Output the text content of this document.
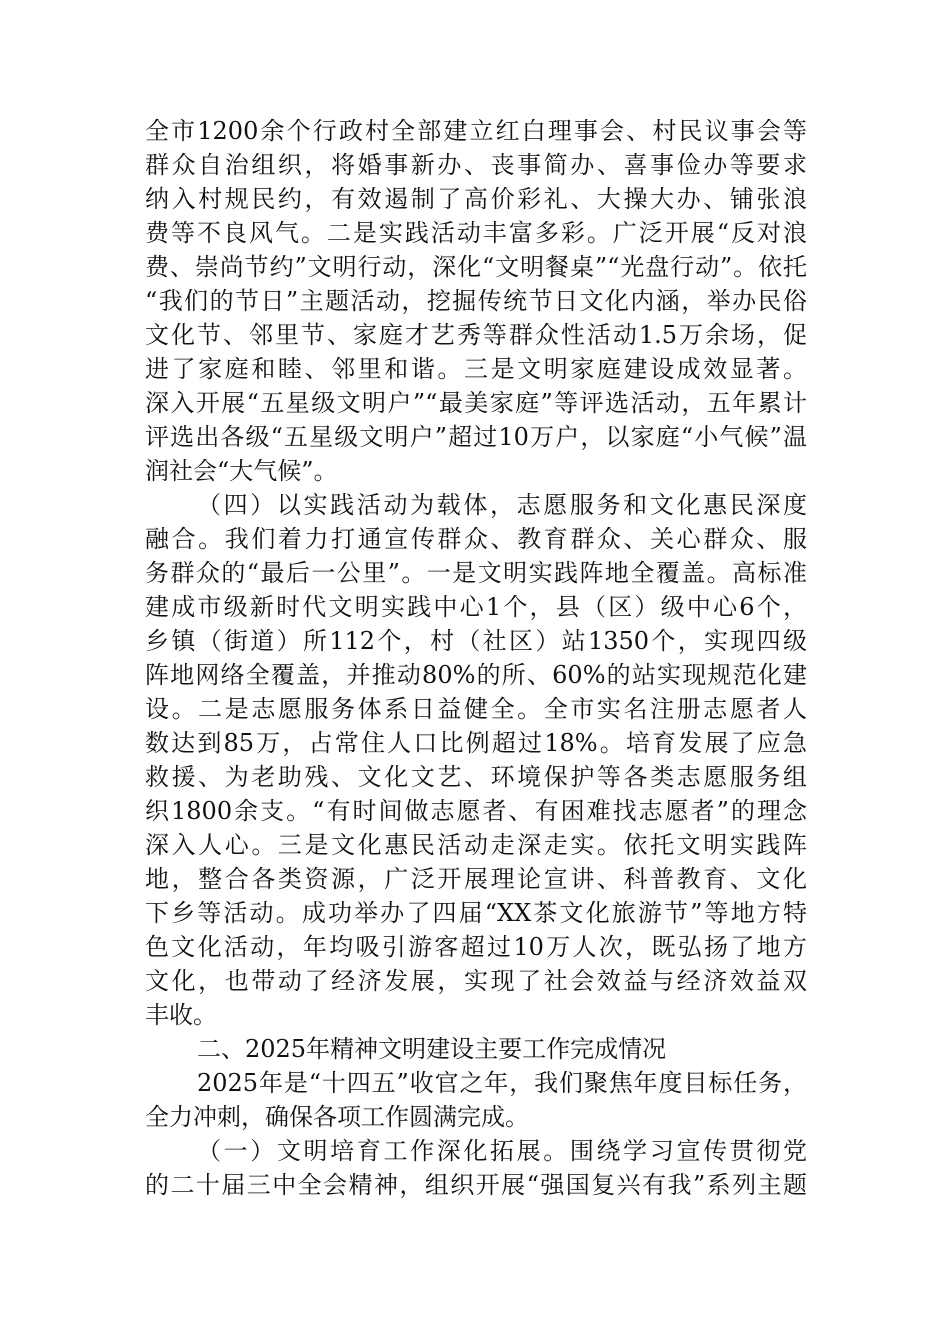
全市1200余个行政村全部建立红白理事会、村民议事会等
群众自治组织，将婚事新办、丧事简办、喜事俭办等要求
纳入村规民约，有效遏制了高价彩礼、大操大办、铺张浪
费等不良风气。二是实践活动丰富多彩。广泛开展“反对浪
费、崇尚节约”文明行动，深化“文明餐桌”“光盘行动”。依托
“我们的节日”主题活动，挖掘传统节日文化内涵，举办民俗
文化节、邻里节、家庭才艺秀等群众性活动1.5万余场，促
进了家庭和睦、邻里和谐。三是文明家庭建设成效显著。
深入开展“五星级文明户”“最美家庭”等评选活动，五年累计
评选出各级“五星级文明户”超过10万户，以家庭“小气候”温
润社会“大气候”。
（四）以实践活动为载体，志愿服务和文化惠民深度
融合。我们着力打通宣传群众、教育群众、关心群众、服
务群众的“最后一公里”。一是文明实践阵地全覆盖。高标准
建成市级新时代文明实践中心1个，县（区）级中心6个，
乡镇（街道）所112个，村（社区）站1350个，实现四级
阵地网络全覆盖，并推动80%的所、60%的站实现规范化建
设。二是志愿服务体系日益健全。全市实名注册志愿者人
数达到85万，占常住人口比例超过18%。培育发展了应急
救援、为老助残、文化文艺、环境保护等各类志愿服务组
织1800余支。“有时间做志愿者、有困难找志愿者”的理念
深入人心。三是文化惠民活动走深走实。依托文明实践阵
地，整合各类资源，广泛开展理论宣讲、科普教育、文化
下乡等活动。成功举办了四届“XX茶文化旅游节”等地方特
色文化活动，年均吸引游客超过10万人次，既弘扬了地方
文化，也带动了经济发展，实现了社会效益与经济效益双
丰收。
二、2025年精神文明建设主要工作完成情况
2025年是“十四五”收官之年，我们聚焦年度目标任务，
全力冲刺，确保各项工作圆满完成。
（一）文明培育工作深化拓展。围绕学习宣传贯彻党
的二十届三中全会精神，组织开展“强国复兴有我”系列主题
